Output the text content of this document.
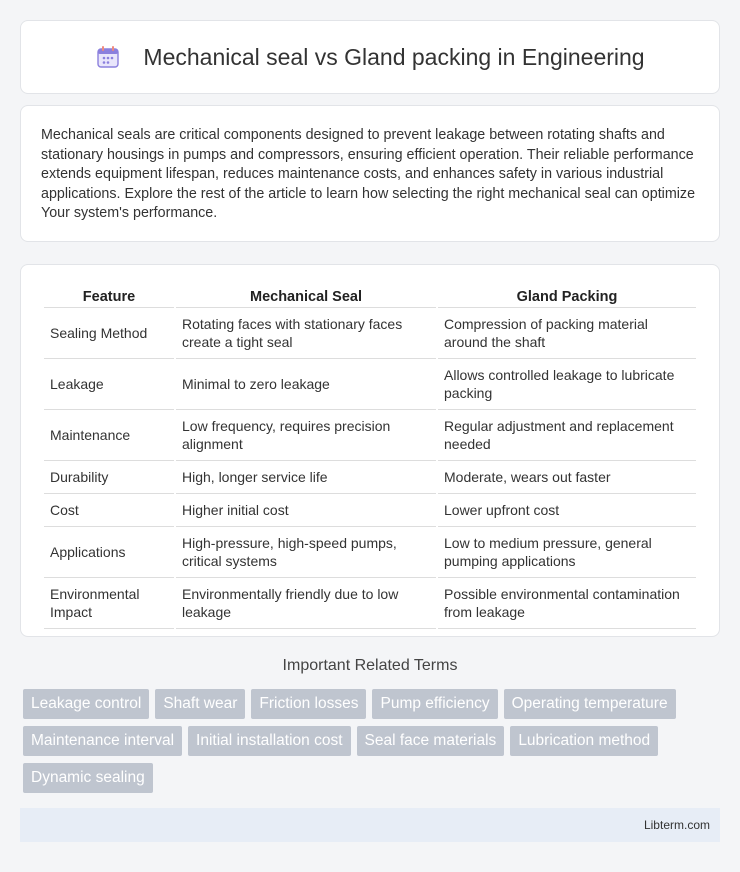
Mechanical seal vs Gland packing in Engineering

Mechanical seals are critical components designed to prevent leakage between rotating shafts and stationary housings in pumps and compressors, ensuring efficient operation. Their reliable performance extends equipment lifespan, reduces maintenance costs, and enhances safety in various industrial applications. Explore the rest of the article to learn how selecting the right mechanical seal can optimize Your system's performance.

Feature	Mechanical Seal	Gland Packing
Sealing Method	Rotating faces with stationary faces create a tight seal	Compression of packing material around the shaft
Leakage	Minimal to zero leakage	Allows controlled leakage to lubricate packing
Maintenance	Low frequency, requires precision alignment	Regular adjustment and replacement needed
Durability	High, longer service life	Moderate, wears out faster
Cost	Higher initial cost	Lower upfront cost
Applications	High-pressure, high-speed pumps, critical systems	Low to medium pressure, general pumping applications
Environmental Impact	Environmentally friendly due to low leakage	Possible environmental contamination from leakage
Important Related Terms
Leakage control	Shaft wear	Friction losses	Pump efficiency	Operating temperature
Maintenance interval	Initial installation cost	Seal face materials	Lubrication method
Dynamic sealing
Libterm.com
